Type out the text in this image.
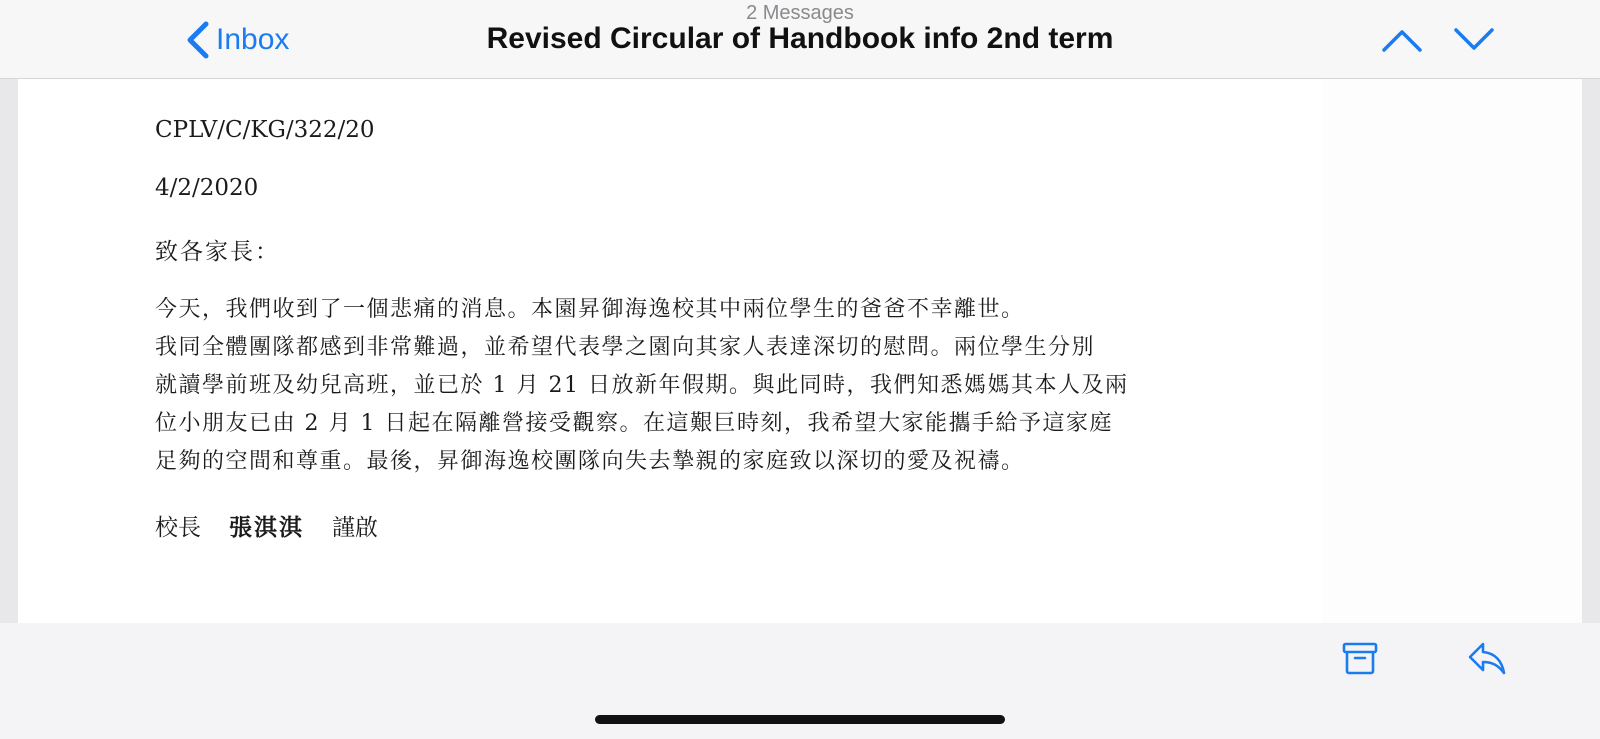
Inbox
2 Messages
Revised Circular of Handbook info 2nd term
CPLV/C/KG/322/20
4/2/2020
致各家長：
今天，我們收到了一個悲痛的消息。本園昇御海逸校其中兩位學生的爸爸不幸離世。
我同全體團隊都感到非常難過，並希望代表學之園向其家人表達深切的慰問。兩位學生分別
就讀學前班及幼兒高班，並已於 1 月 21 日放新年假期。與此同時，我們知悉媽媽其本人及兩
位小朋友已由 2 月 1 日起在隔離營接受觀察。在這艱巨時刻，我希望大家能攜手給予這家庭
足夠的空間和尊重。最後，昇御海逸校團隊向失去摯親的家庭致以深切的愛及祝禱。
校長 張淇淇 謹啟
